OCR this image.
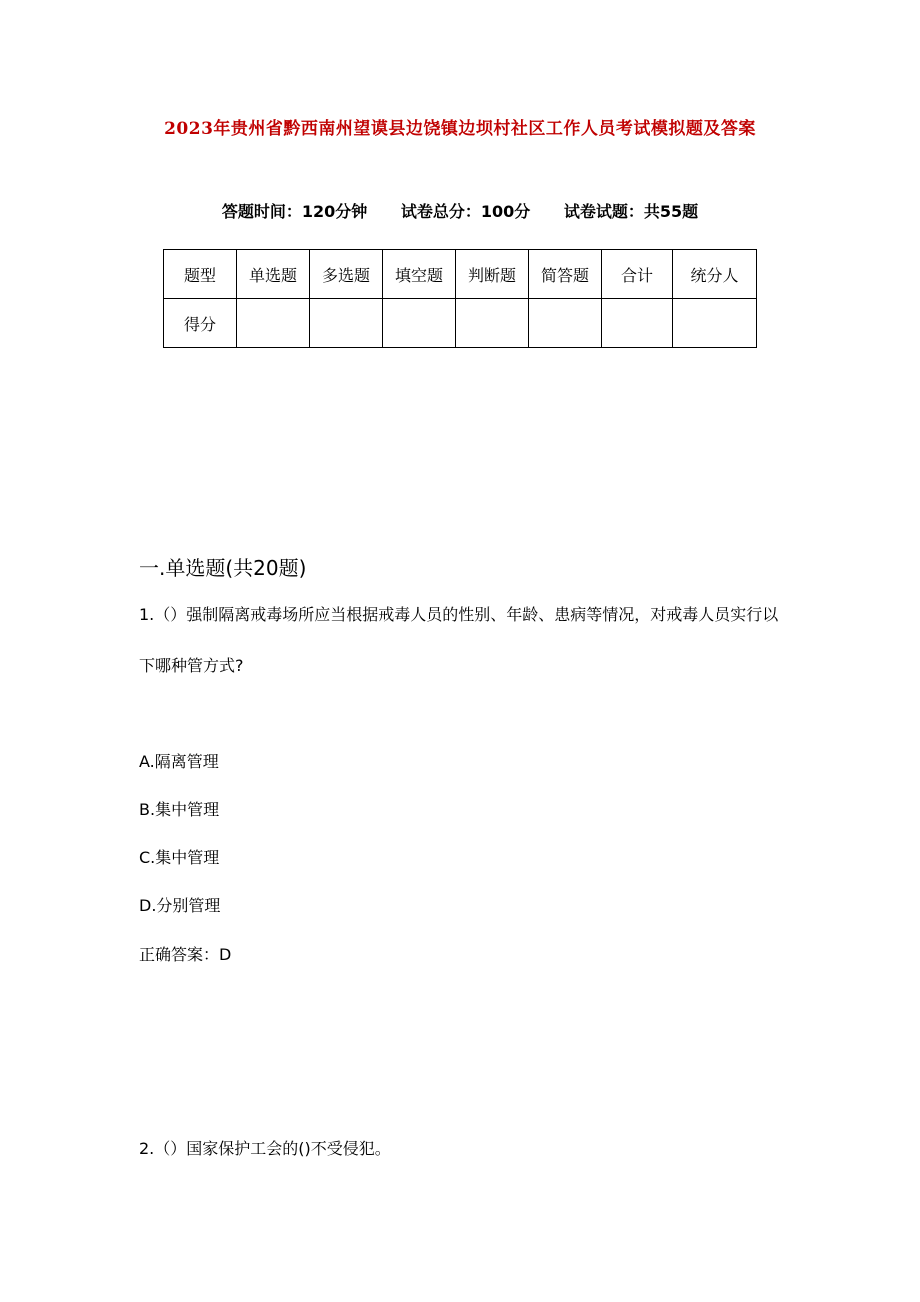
2023年贵州省黔西南州望谟县边饶镇边坝村社区工作人员考试模拟题及答案
答题时间：120分钟 试卷总分：100分 试卷试题：共55题
题型	单选题	多选题	填空题	判断题	简答题	合计	统分人
得分							
一.单选题(共20题)
1.（）强制隔离戒毒场所应当根据戒毒人员的性别、年龄、患病等情况，对戒毒人员实行以下哪种管方式?
A.隔离管理
B.集中管理
C.集中管理
D.分别管理
正确答案：D
2.（）国家保护工会的()不受侵犯。
